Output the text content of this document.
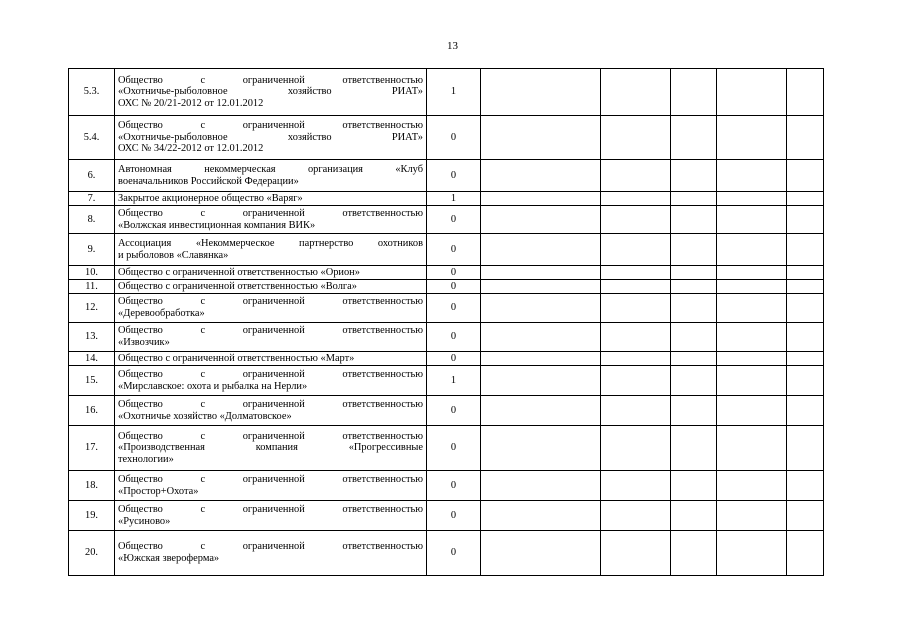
13
5.3.	Общество с ограниченной ответственностью
«Охотничье-рыболовное хозяйство РИАТ»
ОХС № 20/21-2012 от 12.01.2012	1					
5.4.	Общество с ограниченной ответственностью
«Охотничье-рыболовное хозяйство РИАТ»
ОХС № 34/22-2012 от 12.01.2012	0					
6.	Автономная некоммерческая организация «Клуб
военачальников Российской Федерации»	0					
7.	Закрытое акционерное общество «Варяг»	1					
8.	Общество с ограниченной ответственностью
«Волжская инвестиционная компания ВИК»	0					
9.	Ассоциация «Некоммерческое партнерство охотников
и рыболовов «Славянка»	0					
10.	Общество с ограниченной ответственностью «Орион»	0					
11.	Общество с ограниченной ответственностью «Волга»	0					
12.	Общество с ограниченной ответственностью
«Деревообработка»	0					
13.	Общество с ограниченной ответственностью
«Извозчик»	0					
14.	Общество с ограниченной ответственностью «Март»	0					
15.	Общество с ограниченной ответственностью
«Мирславское: охота и рыбалка на Нерли»	1					
16.	Общество с ограниченной ответственностью
«Охотничье хозяйство «Долматовское»	0					
17.	Общество с ограниченной ответственностью
«Производственная компания «Прогрессивные
технологии»	0					
18.	Общество с ограниченной ответственностью
«Простор+Охота»	0					
19.	Общество с ограниченной ответственностью
«Русиново»	0					
20.	Общество с ограниченной ответственностью
«Южская звероферма»	0					
